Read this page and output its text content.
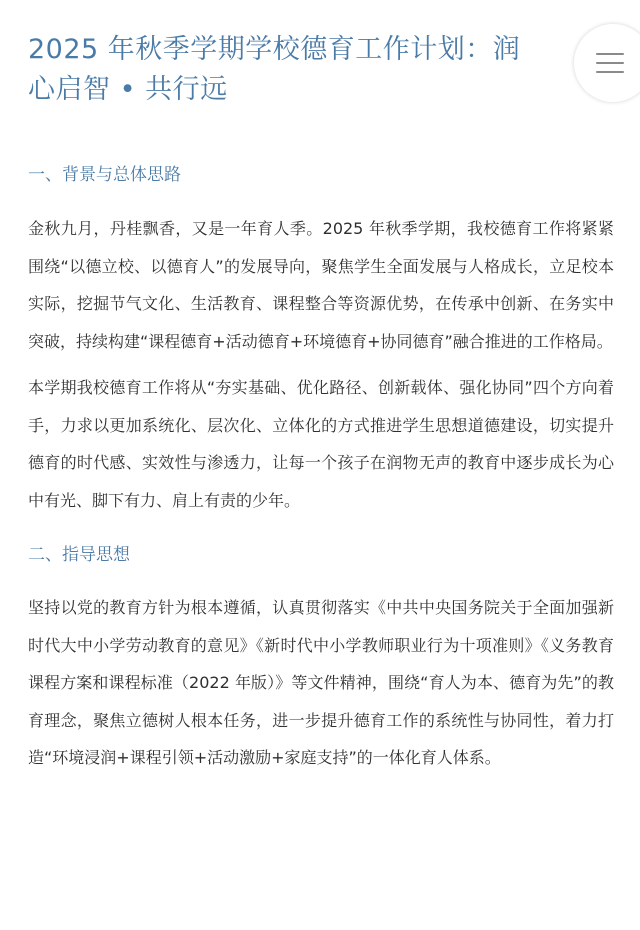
2025 年秋季学期学校德育工作计划：润心启智 • 共行远
一、背景与总体思路

金秋九月，丹桂飘香，又是一年育人季。2025 年秋季学期，我校德育工作将紧紧围绕“以德立校、以德育人”的发展导向，聚焦学生全面发展与人格成长，立足校本实际，挖掘节气文化、生活教育、课程整合等资源优势，在传承中创新、在务实中突破，持续构建“课程德育+活动德育+环境德育+协同德育”融合推进的工作格局。

本学期我校德育工作将从“夯实基础、优化路径、创新载体、强化协同”四个方向着手，力求以更加系统化、层次化、立体化的方式推进学生思想道德建设，切实提升德育的时代感、实效性与渗透力，让每一个孩子在润物无声的教育中逐步成长为心中有光、脚下有力、肩上有责的少年。

二、指导思想

坚持以党的教育方针为根本遵循，认真贯彻落实《中共中央国务院关于全面加强新时代大中小学劳动教育的意见》《新时代中小学教师职业行为十项准则》《义务教育课程方案和课程标准（2022 年版）》等文件精神，围绕“育人为本、德育为先”的教育理念，聚焦立德树人根本任务，进一步提升德育工作的系统性与协同性，着力打造“环境浸润+课程引领+活动激励+家庭支持”的一体化育人体系。
